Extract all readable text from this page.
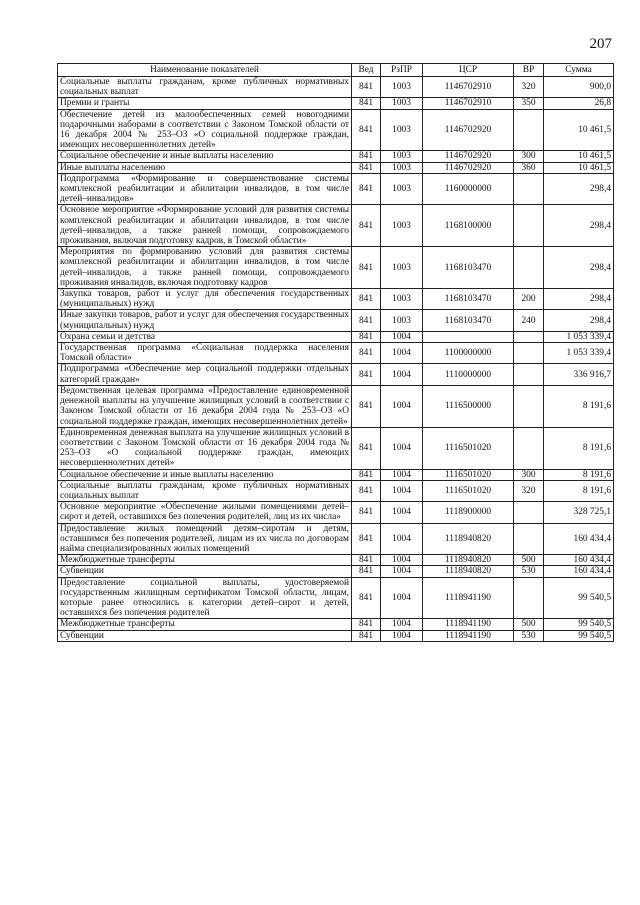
207
Наименование показателей	Вед	РзПР	ЦСР	ВР	Сумма
Социальные выплаты гражданам, кроме публичных нормативных социальных выплат	841	1003	1146702910	320	900,0
Премии и гранты	841	1003	1146702910	350	26,8
Обеспечение детей из малообеспеченных семей новогодними подарочными наборами в соответствии с Законом Томской области от 16 декабря 2004 № 253–ОЗ «О социальной поддержке граждан, имеющих несовершеннолетних детей»	841	1003	1146702920		10 461,5
Социальное обеспечение и иные выплаты населению	841	1003	1146702920	300	10 461,5
Иные выплаты населению	841	1003	1146702920	360	10 461,5
Подпрограмма «Формирование и совершенствование системы комплексной реабилитации и абилитации инвалидов, в том числе детей–инвалидов»	841	1003	1160000000		298,4
Основное мероприятие «Формирование условий для развития системы комплексной реабилитации и абилитации инвалидов, в том числе детей–инвалидов, а также ранней помощи, сопровождаемого проживания, включая подготовку кадров, в Томской области»	841	1003	1168100000		298,4
Мероприятия по формированию условий для развития системы комплексной реабилитации и абилитации инвалидов, в том числе детей–инвалидов, а также ранней помощи, сопровождаемого проживания инвалидов, включая подготовку кадров	841	1003	1168103470		298,4
Закупка товаров, работ и услуг для обеспечения государственных (муниципальных) нужд	841	1003	1168103470	200	298,4
Иные закупки товаров, работ и услуг для обеспечения государственных (муниципальных) нужд	841	1003	1168103470	240	298,4
Охрана семьи и детства	841	1004			1 053 339,4
Государственная программа «Социальная поддержка населения Томской области»	841	1004	1100000000		1 053 339,4
Подпрограмма «Обеспечение мер социальной поддержки отдельных категорий граждан»	841	1004	1110000000		336 916,7
Ведомственная целевая программа «Предоставление единовременной денежной выплаты на улучшение жилищных условий в соответствии с Законом Томской области от 16 декабря 2004 года № 253–ОЗ «О социальной поддержке граждан, имеющих несовершеннолетних детей»	841	1004	1116500000		8 191,6
Единовременная денежная выплата на улучшение жилищных условий в соответствии с Законом Томской области от 16 декабря 2004 года № 253–ОЗ «О социальной поддержке граждан, имеющих несовершеннолетних детей»	841	1004	1116501020		8 191,6
Социальное обеспечение и иные выплаты населению	841	1004	1116501020	300	8 191,6
Социальные выплаты гражданам, кроме публичных нормативных социальных выплат	841	1004	1116501020	320	8 191,6
Основное мероприятие «Обеспечение жилыми помещениями детей–сирот и детей, оставшихся без попечения родителей, лиц из их числа»	841	1004	1118900000		328 725,1
Предоставление жилых помещений детям–сиротам и детям, оставшимся без попечения родителей, лицам из их числа по договорам найма специализированных жилых помещений	841	1004	1118940820		160 434,4
Межбюджетные трансферты	841	1004	1118940820	500	160 434,4
Субвенции	841	1004	1118940820	530	160 434,4
Предоставление социальной выплаты, удостоверяемой государственным жилищным сертификатом Томской области, лицам, которые ранее относились к категории детей–сирот и детей, оставшихся без попечения родителей	841	1004	1118941190		99 540,5
Межбюджетные трансферты	841	1004	1118941190	500	99 540,5
Субвенции	841	1004	1118941190	530	99 540,5
